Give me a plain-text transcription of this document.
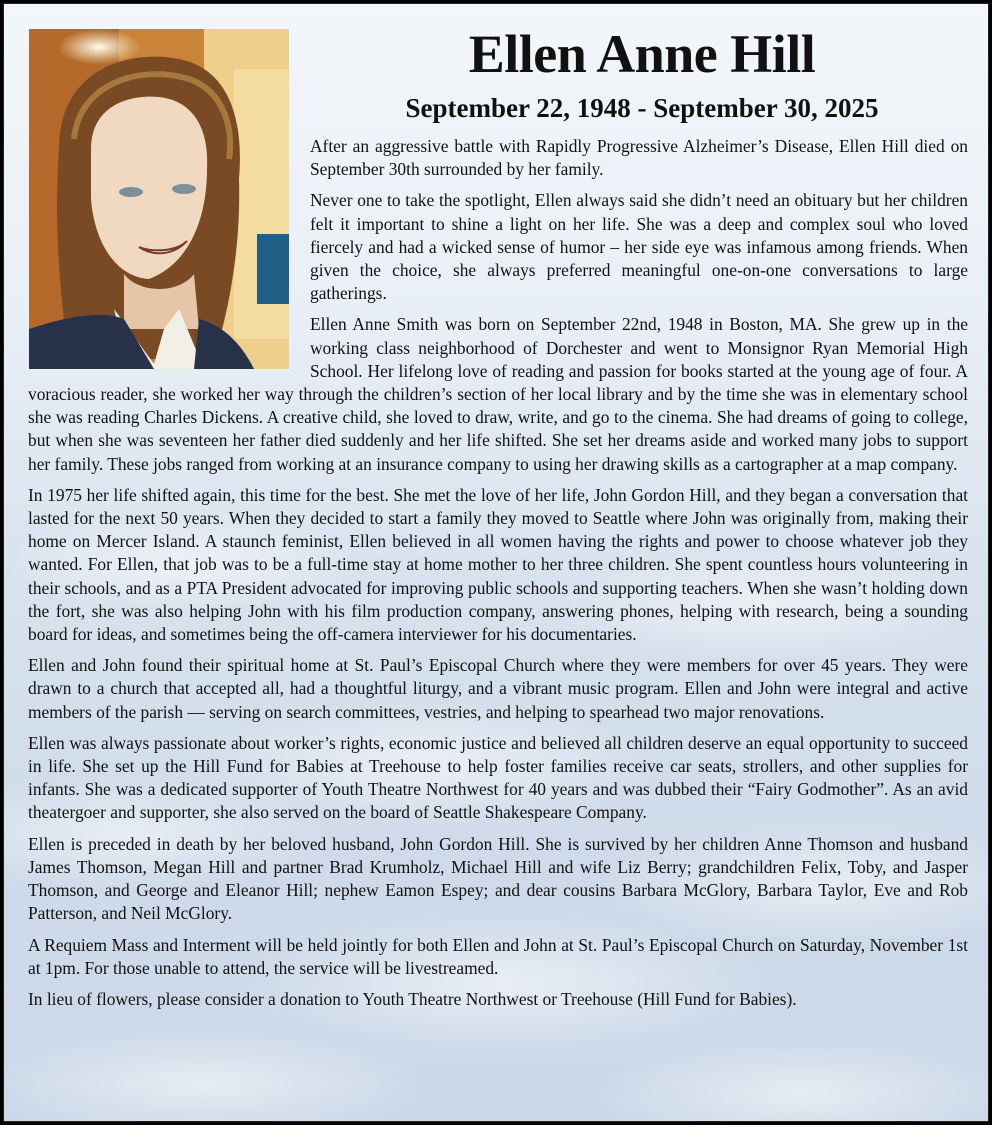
Ellen Anne Hill
September 22, 1948 - September 30, 2025

After an aggressive battle with Rapidly Progressive Alzheimer’s Disease, Ellen Hill died on September 30th surrounded by her family.

Never one to take the spotlight, Ellen always said she didn’t need an obituary but her children felt it important to shine a light on her life. She was a deep and complex soul who loved fiercely and had a wicked sense of humor – her side eye was infamous among friends. When given the choice, she always preferred meaningful one-on-one conversations to large gatherings.

Ellen Anne Smith was born on September 22nd, 1948 in Boston, MA. She grew up in the working class neighborhood of Dorchester and went to Monsignor Ryan Memorial High School. Her lifelong love of reading and passion for books started at the young age of four. A voracious reader, she worked her way through the children’s section of her local library and by the time she was in elementary school she was reading Charles Dickens. A creative child, she loved to draw, write, and go to the cinema. She had dreams of going to college, but when she was seventeen her father died suddenly and her life shifted. She set her dreams aside and worked many jobs to support her family. These jobs ranged from working at an insurance company to using her drawing skills as a cartographer at a map company.

In 1975 her life shifted again, this time for the best. She met the love of her life, John Gordon Hill, and they began a conversation that lasted for the next 50 years. When they decided to start a family they moved to Seattle where John was originally from, making their home on Mercer Island. A staunch feminist, Ellen believed in all women having the rights and power to choose whatever job they wanted. For Ellen, that job was to be a full-time stay at home mother to her three children. She spent countless hours volunteering in their schools, and as a PTA President advocated for improving public schools and supporting teachers. When she wasn’t holding down the fort, she was also helping John with his film production company, answering phones, helping with research, being a sounding board for ideas, and sometimes being the off-camera interviewer for his documentaries.

Ellen and John found their spiritual home at St. Paul’s Episcopal Church where they were members for over 45 years. They were drawn to a church that accepted all, had a thoughtful liturgy, and a vibrant music program. Ellen and John were integral and active members of the parish — serving on search committees, vestries, and helping to spearhead two major renovations.

Ellen was always passionate about worker’s rights, economic justice and believed all children deserve an equal opportunity to succeed in life. She set up the Hill Fund for Babies at Treehouse to help foster families receive car seats, strollers, and other supplies for infants. She was a dedicated supporter of Youth Theatre Northwest for 40 years and was dubbed their “Fairy Godmother”. As an avid theatergoer and supporter, she also served on the board of Seattle Shakespeare Company.

Ellen is preceded in death by her beloved husband, John Gordon Hill. She is survived by her children Anne Thomson and husband James Thomson, Megan Hill and partner Brad Krumholz, Michael Hill and wife Liz Berry; grandchildren Felix, Toby, and Jasper Thomson, and George and Eleanor Hill; nephew Eamon Espey; and dear cousins Barbara McGlory, Barbara Taylor, Eve and Rob Patterson, and Neil McGlory.

A Requiem Mass and Interment will be held jointly for both Ellen and John at St. Paul’s Episcopal Church on Saturday, November 1st at 1pm. For those unable to attend, the service will be livestreamed.

In lieu of flowers, please consider a donation to Youth Theatre Northwest or Treehouse (Hill Fund for Babies).
